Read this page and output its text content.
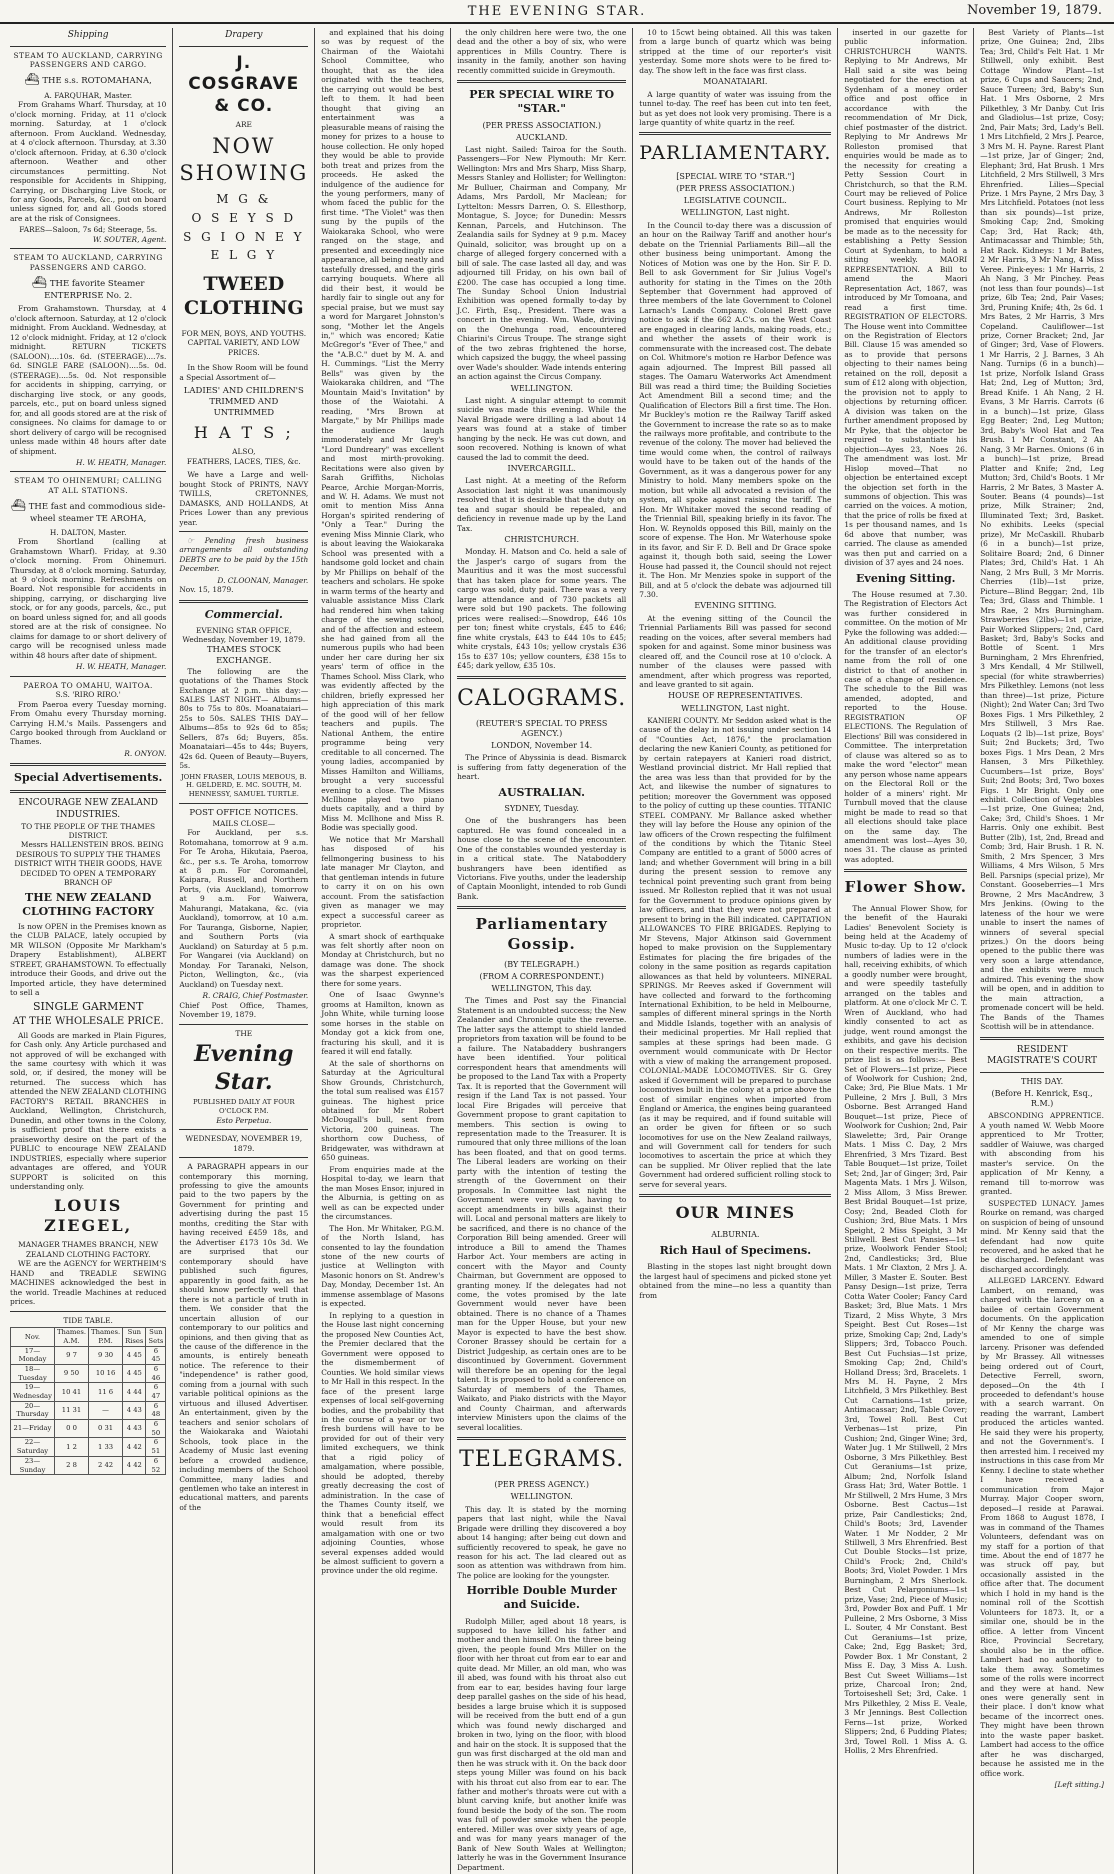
THE EVENING STAR.	November 19, 1879.
Shipping
STEAM TO AUCKLAND, CARRYING PASSENGERS AND CARGO.
⛴ THE s.s. ROTOMAHANA,
A. FARQUHAR, Master.
From Grahams Wharf. Thursday, at 10 o'clock morning. Friday, at 11 o'clock morning. Saturday, at 1 o'clock afternoon. From Auckland. Wednesday, at 4 o'clock afternoon. Thursday, at 3.30 o'clock afternoon. Friday, at 6.30 o'clock afternoon. Weather and other circumstances permitting. Not responsible for Accidents in Shipping, Carrying, or Discharging Live Stock, or for any Goods, Parcels, &c., put on board unless signed for, and all Goods stored are at the risk of Consignees.
FARES—Saloon, 7s 6d; Steerage, 5s.
W. SOUTER, Agent.
STEAM TO AUCKLAND, CARRYING PASSENGERS AND CARGO.
⛴ THE favorite Steamer ENTERPRISE No. 2.
From Grahamstown. Thursday, at 4 o'clock afternoon. Saturday, at 12 o'clock midnight. From Auckland. Wednesday, at 12 o'clock midnight. Friday, at 12 o'clock midnight. RETURN TICKETS (SALOON)....10s. 6d. (STEERAGE)....7s. 6d. SINGLE FARE (SALOON)....5s. 0d. (STEERAGE)....5s. 0d. Not responsible for accidents in shipping, carrying, or discharging live stock, or any goods, parcels, etc., put on board unless signed for, and all goods stored are at the risk of consignees. No claims for damage to or short delivery of cargo will be recognised unless made within 48 hours after date of shipment.
H. W. HEATH, Manager.
STEAM TO OHINEMURI; CALLING AT ALL STATIONS.
⛴ THE fast and commodious side-wheel steamer TE AROHA,
H. DALTON, Master.
From Shortland (calling at Grahamstown Wharf). Friday, at 9.30 o'clock morning. From Ohinemuri. Thursday, at 8 o'clock morning. Saturday, at 9 o'clock morning. Refreshments on Board. Not responsible for accidents in shipping, carrying, or discharging live stock, or for any goods, parcels, &c., put on board unless signed for, and all goods stored are at the risk of consignee. No claims for damage to or short delivery of cargo will be recognised unless made within 48 hours after date of shipment.
H. W. HEATH, Manager.
PAEROA TO OMAHU, WAITOA.
S.S. 'RIRO RIRO.'
From Paeroa every Tuesday morning. From Omahu every Thursday morning. Carrying H.M.'s Mails. Passengers and Cargo booked through from Auckland or Thames.
R. ONYON.
Special Advertisements.
ENCOURAGE NEW ZEALAND INDUSTRIES.
TO THE PEOPLE OF THE THAMES DISTRICT.
Messrs HALLENSTEIN BROS. BEING DESIROUS TO SUPPLY THE THAMES DISTRICT WITH THEIR GOODS, HAVE DECIDED TO OPEN A TEMPORARY BRANCH OF
THE NEW ZEALAND CLOTHING FACTORY
Is now OPEN in the Premises known as the CLUB PALACE, lately occupied by MR WILSON (Opposite Mr Markham's Drapery Establishment), ALBERT STREET, GRAHAMSTOWN. To effectually introduce their Goods, and drive out the Imported article, they have determined to sell a
SINGLE GARMENT
AT THE WHOLESALE PRICE.
All Goods are marked in Plain Figures, for Cash only. Any Article purchased and not approved of will be exchanged with the same courtesy with which it was sold, or, if desired, the money will be returned. The success which has attended the NEW ZEALAND CLOTHING FACTORY'S RETAIL BRANCHES in Auckland, Wellington, Christchurch, Dunedin, and other towns in the Colony, is sufficient proof that there exists a praiseworthy desire on the part of the PUBLIC to encourage NEW ZEALAND INDUSTRIES, especially where superior advantages are offered, and YOUR SUPPORT is solicited on this understanding only.
LOUIS ZIEGEL,
MANAGER THAMES BRANCH, NEW ZEALAND CLOTHING FACTORY.
WE are the AGENCY for WERTHEIM'S HAND and TREADLE SEWING MACHINES acknowledged the best in the world. Treadle Machines at reduced prices.
TIDE TABLE.
Nov.	Thames. A.M.	Thames. P.M.	Sun Rises	Sun Sets
17—Monday	9 7	9 30	4 45	6 45
18—Tuesday	9 50	10 16	4 45	6 46
19—Wednesday	10 41	11 6	4 44	6 47
20—Thursday	11 31	—	4 43	6 48
21—Friday	0 0	0 31	4 43	6 50
22—Saturday	1 2	1 33	4 42	6 51
23—Sunday	2 8	2 42	4 42	6 52
Drapery
J. COSGRAVE & CO.
ARE
NOW SHOWING
M G &
O S E Y S D
S G I O N E Y
E L G Y
TWEED CLOTHING
FOR MEN, BOYS, AND YOUTHS.
CAPITAL VARIETY, AND LOW PRICES.
In the Show Room will be found a Special Assortment of—
LADIES' AND CHILDREN'S TRIMMED AND UNTRIMMED
H A T S ;
ALSO,
FEATHERS, LACES, TIES, &c.
We have a Large and well-bought Stock of PRINTS, NAVY TWILLS, CRETONNES, DAMASKS, AND HOLLANDS, At Prices Lower than any previous year.
☞ Pending fresh business arrangements all outstanding DEBTS are to be paid by the 15th December.
D. CLOONAN, Manager.
Nov. 15, 1879.
Commercial.
EVENING STAR OFFICE, Wednesday, November 19, 1879.
THAMES STOCK EXCHANGE.
The following are the quotations of the Thames Stock Exchange at 2 p.m. this day:— SALES LAST NIGHT— Albums—80s to 75s to 80s. Moanataiari—25s to 50s. SALES THIS DAY— Albums—85s to 92s 6d to 85s; Sellers, 87s 6d; Buyers, 85s. Moanataiari—45s to 44s; Buyers, 42s 6d. Queen of Beauty—Buyers, 5s.
JOHN FRASER, LOUIS MEBOUS, B. H. GELDERD, E. MC. SOUTH, M. HENNESSY, SAMUEL TURTLE.
POST OFFICE NOTICES.
MAILS CLOSE—
For Auckland, per s.s. Rotomahana, tomorrow at 9 a.m. For Te Aroha, Hikutaia, Paeroa, &c., per s.s. Te Aroha, tomorrow at 8 p.m. For Coromandel, Kaipara, Russell, and Northern Ports, (via Auckland), tomorrow at 9 a.m. For Waiwera, Mahurangi, Matakana, &c. (via Auckland), tomorrow, at 10 a.m. For Tauranga, Gisborne, Napier, and Southern Ports (via Auckland) on Saturday at 5 p.m. For Wangarei (via Auckland) on Monday. For Taranaki, Nelson, Picton, Wellington, &c., (via Auckland) on Tuesday next.
R. CRAIG, Chief Postmaster.
Chief Post Office, Thames, November 19, 1879.
THE
Evening Star.
PUBLISHED DAILY AT FOUR O'CLOCK P.M.
Esto Perpetua.
WEDNESDAY, NOVEMBER 19, 1879.
A PARAGRAPH appears in our contemporary this morning, professing to give the amounts paid to the two papers by the Government for printing and advertising during the past 15 months, crediting the Star with having received £459 18s, and the Advertiser £173 10s 3d. We are surprised that our contemporary should have published such figures, apparently in good faith, as he should know perfectly well that there is not a particle of truth in them. We consider that the uncertain allusion of our contemporary to our politics and opinions, and then giving that as the cause of the difference in the amounts, is entirely beneath notice. The reference to their "independence" is rather good, coming from a journal with such variable political opinions as the virtuous and illused Advertiser. An entertainment, given by the teachers and senior scholars of the Waiokaraka and Waiotahi Schools, took place in the Academy of Music last evening before a crowded audience, including members of the School Committee, many ladies and gentlemen who take an interest in educational matters, and parents of the
and explained that his doing so was by request of the Chairman of the Waiotahi School Committee, who thought, that as the idea originated with the teachers, the carrying out would be best left to them. It had been thought that giving an entertainment was a pleasurable means of raising the money for prizes to a house to house collection. He only hoped they would be able to provide both treat and prizes from the proceeds. He asked the indulgence of the audience for the young performers, many of whom faced the public for the first time. "The Violet" was then sung by the pupils of the Waiokaraka School, who were ranged on the stage, and presented and exceedingly nice appearance, all being neatly and tastefully dressed, and the girls carrying bouquets. Where all did their best, it would be hardly fair to single out any for special praise, but we must say a word for Margaret Johnston's song, "Mother let the Angels in," which was encored; Katie McGregor's "Ever of Thee," and the "A.B.C." duet by M. A. and H. Cummings. "List the Merry Bells" was given by the Waiokaraka children, and "The Mountain Maid's Invitation" by those of the Waiotahi. A reading, "Mrs Brown at Margate," by Mr Phillips made the audience laugh immoderately and Mr Grey's "Lord Dundreary" was excellent and most mirth-provoking. Recitations were also given by Sarah Griffiths, Nicholas Pearce, Archie Morgan-Morris, and W. H. Adams. We must not omit to mention Miss Anna Horgan's spirited rendering of "Only a Tear." During the evening Miss Minnie Clark, who is about leaving the Waiokaraka School was presented with a handsome gold locket and chain by Mr Phillips on behalf of the teachers and scholars. He spoke in warm terms of the hearty and valuable assistance Miss Clark had rendered him when taking charge of the sewing school, and of the affection and esteem she had gained from all the numerous pupils who had been under her care during her six years' term of office in the Thames School. Miss Clark, who was evidently affected by the children, briefly expressed her high appreciation of this mark of the good will of her fellow teachers and pupils. The National Anthem, the entire programme being very creditable to all concerned. The young ladies, accompanied by Misses Hamilton and Williams, brought a very successful evening to a close. The Misses McIlhone played two piano duets capitally, and a third by Miss M. McIlhone and Miss R. Bodie was specially good.
We notice that Mr Marshall has disposed of his fellmongering business to his late manager Mr Clayton, and that gentleman intends in future to carry it on on his own account. From the satisfaction given as manager we may expect a successful career as proprietor.
A smart shock of earthquake was felt shortly after noon on Monday at Christchurch, but no damage was done. The shock was the sharpest experienced there for some years.
One of Isaac Gwynne's grooms at Hamilton, known as John White, while turning loose some horses in the stable on Monday got a kick from one, fracturing his skull, and it is feared it will end fatally.
At the sale of shorthorns on Saturday at the Agricultural Show Grounds, Christchurch, the total sum realised was £157 guineas. The highest price obtained for Mr Robert McDougall's bull, sent from Victoria, 200 guineas. The shorthorn cow Duchess, of Bridgewater, was withdrawn at 650 guineas.
From enquiries made at the Hospital to-day, we learn that the man Moses Ensor, injured in the Alburnia, is getting on as well as can be expected under the circumstances.
The Hon. Mr Whitaker, P.G.M. of the North Island, has consented to lay the foundation stone of the new courts of justice at Wellington with Masonic honors on St. Andrew's Day, Monday, December 1st. An immense assemblage of Masons is expected.
In replying to a question in the House last night concerning the proposed New Counties Act, the Premier declared that the Government were opposed to the dismemberment of Counties. We hold similar views to Mr Hall in this respect. In the face of the present large expenses of local self-governing bodies, and the probability that in the course of a year or two fresh burdens will have to be provided for out of their very limited exchequers, we think that a rigid policy of amalgamation, where possible, should be adopted, thereby greatly decreasing the cost of administration. In the case of the Thames County itself, we think that a beneficial effect would result from its amalgamation with one or two adjoining Counties, whose several expenses added would be almost sufficient to govern a province under the old regime.
the only children here were two, the one dead and the other a boy of six, who were apprentices in Mills Country. There is insanity in the family, another son having recently committed suicide in Greymouth.
PER SPECIAL WIRE TO "STAR."
(PER PRESS ASSOCIATION.)
AUCKLAND.
Last night. Sailed: Tairoa for the South. Passengers—For New Plymouth: Mr Kerr. Wellington: Mrs and Mrs Sharp, Miss Sharp, Messrs Stanley and Hollister; for Wellington: Mr Bulluer, Chairman and Company, Mr Adams, Mrs Pardoll, Mr Maclean; for Lyttelton: Messrs Darren, O. S. Ellesthorp, Montague, S. Joyce; for Dunedin: Messrs Kennan, Parcels, and Hutchinson. The Zealandia sails for Sydney at 9 p.m. Macey Quinald, solicitor, was brought up on a charge of alleged forgery concerned with a bill of sale. The case lasted all day, and was adjourned till Friday, on his own bail of £200. The case has occupied a long time. The Sunday School Union Industrial Exhibition was opened formally to-day by J.C. Firth, Esq., President. There was a concert in the evening. Wm. Wade, driving on the Onehunga road, encountered Chiarini's Circus Troupe. The strange sight of the two zebras frightened the horse, which capsized the buggy, the wheel passing over Wade's shoulder. Wade intends entering an action against the Circus Company.
WELLINGTON.
Last night. A singular attempt to commit suicide was made this evening. While the Naval Brigade were drilling a lad about 14 years was found at a stake of timber hanging by the neck. He was cut down, and soon recovered. Nothing is known of what caused the lad to commit the deed.
INVERCARGILL.
Last night. At a meeting of the Reform Association last night it was unanimously resolved that it is desirable that the duty on tea and sugar should be repealed, and deficiency in revenue made up by the Land Tax.
CHRISTCHURCH.
Monday. H. Matson and Co. held a sale of the Jasper's cargo of sugars from the Mauritius and it was the most successful that has taken place for some years. The cargo was sold, duty paid. There was a very large attendance and of 730 packets all were sold but 190 packets. The following prices were realised:—Snowdrop, £46 10s per ton; finest white crystals, £45 to £46; fine white crystals, £43 to £44 10s to £45; white crystals, £43 10s; yellow crystals £36 15s to £37 10s; yellow counters, £38 15s to £45; dark yellow, £35 10s.
CALOGRAMS.
(REUTER'S SPECIAL TO PRESS AGENCY.)
LONDON, November 14.
The Prince of Abyssinia is dead. Bismarck is suffering from fatty degeneration of the heart.
AUSTRALIAN.
SYDNEY, Tuesday.
One of the bushrangers has been captured. He was found concealed in a house close to the scene of the encounter. One of the constables wounded yesterday is in a critical state. The Nataboddery bushrangers have been identified as Victorians. Five youths, under the leadership of Captain Moonlight, intended to rob Gundi Bank.
Parliamentary Gossip.
(BY TELEGRAPH.)
(FROM A CORRESPONDENT.)
WELLINGTON, This day.
The Times and Post say the Financial Statement is an undoubted success; the New Zealander and Chronicle quite the reverse. The latter says the attempt to shield landed proprietors from taxation will be found to be a failure. The Natabaddery bushrangers have been identified. Your political correspondent hears that amendments will be proposed to the Land Tax with a Property Tax. It is reported that the Government will resign if the Land Tax is not passed. Your local Fire Brigades will perceive that Government propose to grant capitation to members. This section is owing to representation made to the Treasurer. It is rumoured that only three millions of the loan has been floated, and that on good terms. The Liberal leaders are working on their party with the intention of testing the strength of the Government on their proposals. In Committee last night the Government were very weak, having to accept amendments in bills against their will. Local and personal matters are likely to be sacrificed, and there is no chance of the Corporation Bill being amended. Greer will introduce a Bill to amend the Thames Harbor Act. Your members are acting in concert with the Mayor and County Chairman, but Government are opposed to granting money. If the delegates had not come, the votes promised by the late Government would never have been obtained. There is no chance of a Thames man for the Upper House, but your new Mayor is expected to have the best show. Coroner Brassey should be certain for a District Judgeship, as certain ones are to be discontinued by Government. Government will therefore be an opening for the legal talent. It is proposed to hold a conference on Saturday of members of the Thames, Waikato, and Piako districts with the Mayor and County Chairman, and afterwards interview Ministers upon the claims of the several localities.
TELEGRAMS.
(PER PRESS AGENCY.)
WELLINGTON.
This day. It is stated by the morning papers that last night, while the Naval Brigade were drilling they discovered a boy about 14 hanging; after being cut down and sufficiently recovered to speak, he gave no reason for his act. The lad cleared out as soon as attention was withdrawn from him. The police are looking for the youngster.
Horrible Double Murder and Suicide.
Rudolph Miller, aged about 18 years, is supposed to have killed his father and mother and then himself. On the three being given, the people found Mrs Miller on the floor with her throat cut from ear to ear and quite dead. Mr Miller, an old man, who was ill abed, was found with his throat also cut from ear to ear, besides having four large deep parallel gashes on the side of his head, besides a large bruise which it is supposed will be received from the butt end of a gun which was found newly discharged and broken in two, lying on the floor, with blood and hair on the stock. It is supposed that the gun was first discharged at the old man and then he was struck with it. On the back door steps young Miller was found on his back with his throat cut also from ear to ear. The father and mother's throats were cut with a blunt carving knife, but another knife was found beside the body of the son. The room was full of powder smoke when the people entered. Miller was over sixty years of age, and was for many years manager of the Bank of New South Wales at Wellington; latterly he was in the Government Insurance Department.
10 to 15cwt being obtained. All this was taken from a large bunch of quartz which was being stripped at the time of our reporter's visit yesterday. Some more shots were to be fired to-day. The show left in the face was first class.
MOANATAIARI.
A large quantity of water was issuing from the tunnel to-day. The reef has been cut into ten feet, but as yet does not look very promising. There is a large quantity of white quartz in the reef.
PARLIAMENTARY.
[SPECIAL WIRE TO "STAR."]
(PER PRESS ASSOCIATION.)
LEGISLATIVE COUNCIL.
WELLINGTON, Last night.
In the Council to-day there was a discussion of an hour on the Railway Tariff and another hour's debate on the Triennial Parliaments Bill—all the other business being unimportant. Among the Notices of Motion was one by the Hon. Sir F. D. Bell to ask Government for Sir Julius Vogel's authority for stating in the Times on the 20th September that Government had approved of three members of the late Government to Colonel Larnach's Lands Company. Colonel Brett gave notice to ask if the 662 A.C's. on the West Coast are engaged in clearing lands, making roads, etc.; and whether the assets of their work is commensurate with the increased cost. The debate on Col. Whitmore's motion re Harbor Defence was again adjourned. The Imprest Bill passed all stages. The Oamaru Waterworks Act Amendment Bill was read a third time; the Building Societies Act Amendment Bill a second time; and the Qualification of Electors Bill a first time. The Hon. Mr Buckley's motion re the Railway Tariff asked the Government to increase the rate so as to make the railways more profitable, and contribute to the revenue of the colony. The mover had believed the time would come when, the control of railways would have to be taken out of the hands of the Government, as it was a dangerous power for any Ministry to hold. Many members spoke on the motion, but while all advocated a revision of the system, all spoke against raising the tariff. The Hon. Mr Whitaker moved the second reading of the Triennial Bill, speaking briefly in its favor. The Hon. W. Reynolds opposed this Bill, mainly on the score of expense. The Hon. Mr Waterhouse spoke in its favor, and Sir F. D. Bell and Dr Grace spoke against it, though both said, seeing the Lower House had passed it, the Council should not reject it. The Hon. Mr Menzies spoke in support of the Bill, and at 5 o'clock the debate was adjourned till 7.30.
EVENING SITTING.
At the evening sitting of the Council the Triennial Parliaments Bill was passed for second reading on the voices, after several members had spoken for and against. Some minor business was cleared off, and the Council rose at 10 o'clock. A number of the clauses were passed with amendment, after which progress was reported, and leave granted to sit again.
HOUSE OF REPRESENTATIVES.
WELLINGTON, Last night.
KANIERI COUNTY. Mr Seddon asked what is the cause of the delay in not issuing under section 14 of "Counties Act, 1876," the proclamation declaring the new Kanieri County, as petitioned for by certain ratepayers at Kanieri road district, Westland provincial district. Mr Hall replied that the area was less than that provided for by the Act, and likewise the number of signatures to petition; moreover the Government was opposed to the policy of cutting up these counties. TITANIC STEEL COMPANY. Mr Ballance asked whether they will lay before the House any opinion of the law officers of the Crown respecting the fulfilment of the conditions by which the Titanic Steel Company are entitled to a grant of 5000 acres of land; and whether Government will bring in a bill during the present session to remove any technical point preventing such grant from being issued. Mr Rolleston replied that it was not usual for the Government to produce opinions given by law officers, and that they were not prepared at present to bring in the Bill indicated. CAPITATION ALLOWANCES TO FIRE BRIGADES. Replying to Mr Stevens, Major Atkinson said Government hoped to make provision on the Supplementary Estimates for placing the fire brigades of the colony in the same position as regards capitation allowances as that held by volunteers. MINERAL SPRINGS. Mr Reeves asked if Government will have collected and forward to the forthcoming International Exhibition, to be held in Melbourne, samples of different mineral springs in the North and Middle Islands, together with an analysis of their medicinal properties. Mr Hall replied that samples at these springs had been made. G overnment would communicate with Dr Hector with a view of making the arrangement proposed. COLONIAL-MADE LOCOMOTIVES. Sir G. Grey asked if Government will be prepared to purchase locomotives built in the colony at a price above the cost of similar engines when imported from England or America, the engines being guaranteed (as it may be required, and if found suitable will an order be given for fifteen or so such locomotives for use on the New Zealand railways, and will Government call for tenders for such locomotives to ascertain the price at which they can be supplied. Mr Oliver replied that the late Government had ordered sufficient rolling stock to serve for several years.
OUR MINES
ALBURNIA.
Rich Haul of Specimens.
Blasting in the stopes last night brought down the largest haul of specimens and picked stone yet obtained from the mine—no less a quantity than from
inserted in our gazette for public information. CHRISTCHURCH WANTS. Replying to Mr Andrews, Mr Hall said a site was being negotiated for the erection at Sydenham of a money order office and post office in accordance with the recommendation of Mr Dick, chief postmaster of the district. Replying to Mr Andrews Mr Rolleston promised that enquiries would be made as to the necessity for creating a Petty Session Court in Christchurch, so that the R.M. Court may be relieved of Police Court business. Replying to Mr Andrews, Mr Rolleston promised that enquiries would be made as to the necessity for establishing a Petty Session Court at Sydenham, to hold a sitting weekly. MAORI REPRESENTATION. A Bill to amend the Maori Representation Act, 1867, was introduced by Mr Tomoana, and read a first time. REGISTRATION OF ELECTORS. The House went into Committee on the Registration of Electors Bill. Clause 15 was amended so as to provide that persons objecting to their names being retained on the roll, deposit a sum of £12 along with objection, the provision not to apply to objections by returning officer. A division was taken on the further amendment proposed by Mr Pyke, that the objector be required to substantiate his objection—Ayes 23, Noes 26. The amendment was lost. Mr Hislop moved—That no objection be entertained except the objection set forth in the summons of objection. This was carried on the voices. A motion, that the price of rolls be fixed at 1s per thousand names, and 1s 6d above that number, was carried. The clause as amended was then put and carried on a division of 37 ayes and 24 noes.
Evening Sitting.
The House resumed at 7.30. The Registration of Electors Act was further considered in committee. On the motion of Mr Pyke the following was added:—An additional clause providing for the transfer of an elector's name from the roll of one district to that of another in case of a change of residence. The schedule to the Bill was amended, adopted, and reported to the House. REGISTRATION OF ELECTIONS. The Regulation of Elections' Bill was considered in Committee. The interpretation of clause was altered so as to make the word "elector" mean any person whose name appears on the Electoral Roll or the holder of a miners' right. Mr Turnbull moved that the clause might be made to read so that all elections should take place on the same day. The amendment was lost—Ayes 30, noes 31. The clause as printed was adopted.
Flower Show.
The Annual Flower Show, for the benefit of the Hauraki Ladies' Benevolent Society is being held at the Academy of Music to-day. Up to 12 o'clock numbers of ladies were in the hall, receiving exhibits, of which a goodly number were brought, and were speedily tastefully arranged on the tables and platform. At one o'clock Mr C. T. Wren of Auckland, who had kindly consented to act as judge, went round amongst the exhibits, and gave his decision on their respective merits. The prize list is as follows:— Best Set of Flowers—1st prize, Piece of Woolwork for Cushion; 2nd, Cake; 3rd, Pie Blue Mats. 1 Mr Pulleine, 2 Mrs J. Bull, 3 Mrs Osborne. Best Arranged Hand Bouquet—1st prize, Piece of Woolwork for Cushion; 2nd, Pair Slawelette; 3rd, Pair Orange Mats. 1 Miss C. Day, 2 Mrs Ehrenfried, 3 Mrs Tizard. Best Table Bouquet—1st prize, Toilet Set; 2nd, Jar of Ginger; 3rd, Pair Magenta Mats. 1 Mrs J. Wilson, 2 Miss Allom, 3 Miss Brewer. Best Bridal Bouquet—1st prize, Cosy; 2nd, Beaded Cloth for Cushion; 3rd, Blue Mats. 1 Mrs Speight, 2 Miss Speight, 3 Mr Stillwell. Best Cut Pansies—1st prize, Woolwork Fender Stool; 2nd, Candlesticks; 3rd, Blue Mats. 1 Mr Claxton, 2 Mrs J. A. Miller, 3 Master E. Souter. Best Pansy Design—1st prize, Terra Cotta Water Cooler; Fancy Card Basket; 3rd, Blue Mats. 1 Mrs Tizard, 2 Miss Whyte, 3 Mrs Speight. Best Cut Roses—1st prize, Smoking Cap; 2nd, Lady's Slippers; 3rd, Tobacco Pouch. Best Cut Fuchsias—1st prize, Smoking Cap; 2nd, Child's Holland Dress; 3rd, Bracelets. 1 Mrs M. H. Payne, 2 Mrs Litchfield, 3 Mrs Pilkethley. Best Cut Carnations—1st prize, Antimacassar; 2nd, Table Cover; 3rd, Towel Roll. Best Cut Verbenas—1st prize, Pin Cushion; 2nd, Ginger Wine; 3rd, Water Jug. 1 Mr Stillwell, 2 Mrs Osborne, 3 Mrs Pilkethley. Best Cut Geraniums—1st prize, Album; 2nd, Norfolk Island Grass Hat; 3rd, Water Bottle. 1 Mr Stillwell, 2 Mrs Hume, 3 Mrs Osborne. Best Cactus—1st prize, Pair Candlesticks; 2nd, Child's Boots; 3rd, Lavender Water. 1 Mr Nodder, 2 Mr Stillwell, 3 Mrs Ehrenfried. Best Cut Double Stocks—1st prize, Child's Frock; 2nd, Child's Boots; 3rd, Violet Powder. 1 Mrs Burningham, 2 Mrs Sherlock. Best Cut Pelargoniums—1st prize, Vase; 2nd, Piece of Music; 3rd, Powder Box and Puff. 1 Mr Pulleine, 2 Mrs Osborne, 3 Miss L. Souter, 4 Mr Constant. Best Cut Geraniums—1st prize, Cake; 2nd, Egg Basket; 3rd, Powder Box. 1 Mr Constant, 2 Miss E. Day, 3 Miss A. Lush. Best Cut Sweet Williams—1st prize, Charcoal Iron; 2nd, Tortoiseshell Set; 3rd, Cake. 1 Mrs Pilkethley, 2 Miss E. Veale, 3 Mr Jennings. Best Collection Ferns—1st prize, Worked Slippers; 2nd, 6 Pudding Plates; 3rd, Towel Roll. 1 Miss A. G. Hollis, 2 Mrs Ehrenfried.
Best Variety of Plants—1st prize, One Guinea; 2nd, 2lbs Tea; 3rd, Child's Felt Hat. 1 Mr Stillwell, only exhibit. Best Cottage Window Plant—1st prize, 6 Cups and Saucers; 2nd, Sauce Tureen; 3rd, Baby's Sun Hat. 1 Mrs Osborne, 2 Mrs Pilkethley, 3 Mr Danby. Cut Iris and Gladiolus—1st prize, Cosy; 2nd, Pair Mats; 3rd, Lady's Bell. 1 Mrs Litchfield, 2 Mrs J. Pearce, 3 Mrs M. H. Payne. Rarest Plant—1st prize, Jar of Ginger; 2nd, Elephant; 3rd, Hat Brush. 1 Mrs Litchfield, 2 Mrs Stillwell, 3 Mrs Ehrenfried. Lilies—Special Prize. 1 Mrs Payne, 2 Mrs Day, 3 Mrs Litchfield. Potatoes (not less than six pounds)—1st prize, Smoking Cap; 2nd, Smoking Cap; 3rd, Hat Rack; 4th, Antimacassar and Thimble; 5th, Hat Rack. Kidneys: 1 Mr Bates, 2 Mr Harris, 3 Mr Nang, 4 Miss Veree. Pink-eyes: 1 Mr Harris, 2 Ah Nang, 3 Mr Pinchey. Peas (not less than four pounds)—1st prize, 6lb Tea; 2nd, Pair Vases; 3rd, Pruning Knife; 4th, 2s 6d. 1 Mrs Bates, 2 Mr Harris, 3 Mrs Copeland. Cauliflower—1st prize, Corner Bracket; 2nd, Jar of Ginger; 3rd, Vase of Flowers. 1 Mr Harris, 2 J. Barnes, 3 Ah Nang. Turnips (6 in a bunch)—1st prize, Norfolk Island Grass Hat; 2nd, Leg of Mutton; 3rd, Bread Knife. 1 Ah Nang, 2 H. Evans, 3 Mr Harris. Carrots (6 in a bunch)—1st prize, Glass Egg Beater; 2nd, Leg Mutton; 3rd, Baby's Wool Hat and Tea Brush. 1 Mr Constant, 2 Ah Nang, 3 Mr Barnes. Onions (6 in a bunch)—1st prize, Bread Platter and Knife; 2nd, Leg Mutton; 3rd, Child's Boots. 1 Mr Harris, 2 Mr Bates, 3 Master A. Souter. Beans (4 pounds)—1st prize, Milk Strainer; 2nd, Illuminated Text; 3rd, Basket. No exhibits. Leeks (special prize), Mr McCaskill. Rhubarb (6 in a bunch)—1st prize, Solitaire Board; 2nd, 6 Dinner Plates; 3rd, Child's Hat. 1 Ah Nang, 2 Mrs Bull, 3 Mr Morris. Cherries (1lb)—1st prize, Picture—Blind Beggar; 2nd, 1lb Tea; 3rd, Glass and Thimble. 1 Mrs Rae, 2 Mrs Burningham. Strawberries (2lbs)—1st prize, Pair Worked Slippers; 2nd, Card Basket; 3rd, Baby's Socks and Bottle of Scent. 1 Mrs Burningham, 2 Mrs Ehrenfried, 3 Mrs Kendall, 4 Mr Stillwell, special (for white strawberries) Mrs Pilkethley. Lemons (not less than three)—1st prize, Picture (Night); 2nd Water Can; 3rd Two Boxes Figs. 1 Mrs Pilkethley, 2 Mrs Stillwell, 3 Mrs Rae. Loquats (2 lb)—1st prize, Boys' Suit; 2nd Buckets; 3rd, Two boxes Figs. 1 Mrs Dean, 2 Mrs Hansen, 3 Mrs Pilkethley. Cucumbers—1st prize, Boys' Suit; 2nd Boots; 3rd, Two boxes Figs. 1 Mr Bright. Only one exhibit. Collection of Vegetables—1st prize, One Guinea; 2nd, Cake; 3rd, Child's Shoes. 1 Mr Harris. Only one exhibit. Best Butter (2lb), 1st, 2nd, Bread and Comb; 3rd, Hair Brush. 1 R. N. Smith, 2 Mrs Spencer, 3 Mrs Williams, 4 Mrs Wilson, 5 Mrs Bell. Parsnips (special prize), Mr Constant. Gooseberries—1 Mrs Browne, 2 Mrs MacAndrew, 3 Mrs Jenkins. (Owing to the lateness of the hour we were unable to insert the names of winners of several special prizes.) On the doors being opened to the public there was very soon a large attendance, and the exhibits were much admired. This evening the show will be open, and in addition to the main attraction, a promenade concert will be held. The Bands of the Thames Scottish will be in attendance.
RESIDENT MAGISTRATE'S COURT
THIS DAY.
(Before H. Kenrick, Esq., R.M.)
ABSCONDING APPRENTICE. A youth named W. Webb Moore apprenticed to Mr Trotter, saddler of Waiuwe, was charged with absconding from his master's service. On the application of Mr Kenny, a remand till to-morrow was granted.
SUSPECTED LUNACY. James Rourke on remand, was charged on suspicion of being of unsound mind. Mr Kenny said that the defendant had now quite recovered, and he asked that he be discharged. Defendant was discharged accordingly.
ALLEGED LARCENY. Edward Lambert, on remand, was charged with the larceny on a bailee of certain Government documents. On the application of Mr Kenny the charge was amended to one of simple larceny. Prisoner was defended by Mr Brassey. All witnesses being ordered out of Court, Detective Ferrell, sworn, deposed—On the 4th I proceeded to defendant's house with a search warrant. On reading the warrant, Lambert produced the articles wanted. He said they were his property, and not the Government's. I then arrested him. I received my instructions in this case from Mr Kenny. I decline to state whether I have received a communication from Major Murray. Major Cooper sworn, deposed—I reside at Parawai. From 1868 to August 1878, I was in command of the Thames Volunteers, defendant was on my staff for a portion of that time. About the end of 1877 he was struck off pay, but occasionally assisted in the office after that. The document which I hold in my hand is the nominal roll of the Scottish Volunteers for 1873. It, or a similar one, should be in the office. A letter from Vincent Rice, Provincial Secretary, should also be in the office. Lambert had no authority to take them away. Sometimes some of the rolls were incorrect and they were at hand. New ones were generally sent in their place. I don't know what became of the incorrect ones. They might have been thrown into the waste paper basket. Lambert had access to the office after he was discharged, because he assisted me in the office work.
[Left sitting.]
